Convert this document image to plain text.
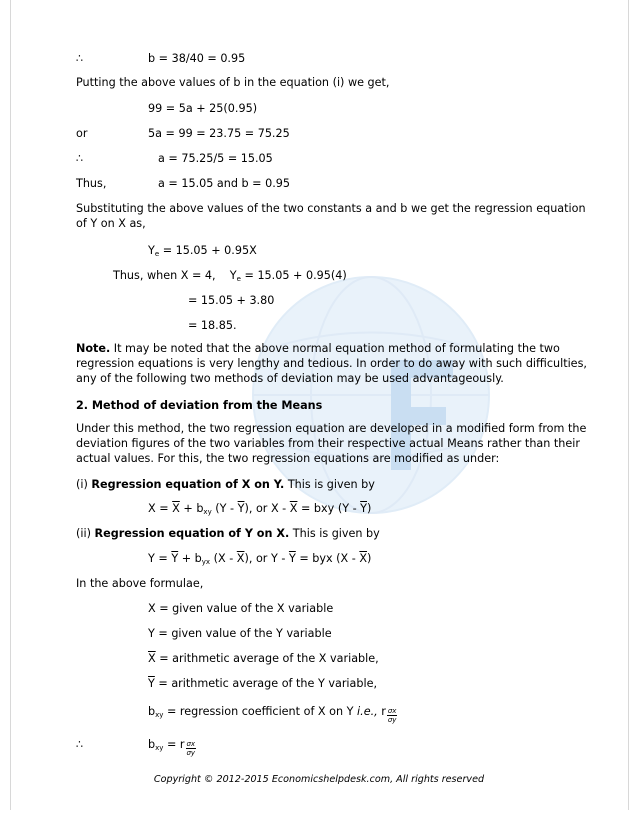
∴	b = 38/40 = 0.95
Putting the above values of b in the equation (i) we get,
99 = 5a + 25(0.95)
or	5a = 99 = 23.75 = 75.25
∴	a = 75.25/5 = 15.05
Thus,	a = 15.05 and b = 0.95
Substituting the above values of the two constants a and b we get the regression equation
of Y on X as,
$Y_e = 15.05 + 0.95X$
Thus, when X = 4, $Y_e = 15.05 + 0.95(4)$
= 15.05 + 3.80
= 18.85.
Note. It may be noted that the above normal equation method of formulating the two
regression equations is very lengthy and tedious. In order to do away with such difficulties,
any of the following two methods of deviation may be used advantageously.
2. Method of deviation from the Means
Under this method, the two regression equation are developed in a modified form from the
deviation figures of the two variables from their respective actual Means rather than their
actual values. For this, the two regression equations are modified as under:
(i) Regression equation of X on Y. This is given by
$X = \overline{X} + b_{xy}$ $(Y - \overline{Y})$, or X - $\overline{X}$ = bxy $(Y - \overline{Y})$
(ii) Regression equation of Y on X. This is given by
$Y = \overline{Y} + b_{yx}$ $(X - \overline{X})$, or Y - $\overline{Y}$ = byx $(X - \overline{X})$
In the above formulae,
X = given value of the X variable
Y = given value of the Y variable
$\overline{X}$ = arithmetic average of the X variable,
$\overline{Y}$ = arithmetic average of the Y variable,
$b_{xy}$ = regression coefficient of X on Y i.e., r $\frac{\sigma x}{\sigma y}$
∴	$b_{xy} = r \frac{\sigma x}{\sigma y}$
Copyright © 2012-2015 Economicshelpdesk.com, All rights reserved
